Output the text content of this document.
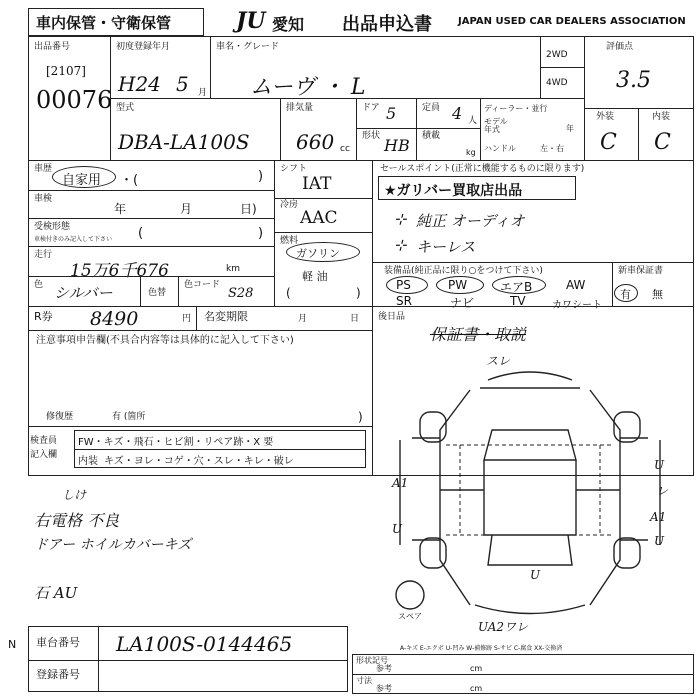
車内保管・守衛保管	JU 愛知 出品申込書	JAPAN USED CAR DEALERS ASSOCIATION
出品番号
[2107]
00076
初度登録年月
H24 5 月
車名・グレード
ムーヴ ・ L
2WD
4WD
評価点
3.5
外装	内装
C C
型式
DBA-LA100S
排気量
660 cc
ドア 5	定員 4 人
形状 HB 積載
kg
ディーラー・並行
モデル年式	年
ハンドル	左・右
車歴
自家用 ・(	)
車検
年	月	日)
受検形態
車検付きのみ記入して下さい (	)
走行
15万6千676	km
色 シルバー	色替
色コード
S28
シフト
IAT
冷房
AAC
燃料
ガソリン
軽 油
(	)
セールスポイント(正常に機能するものに限ります)
★ガリバー買取店出品
純正 オーディオ
キーレス
⊹
⊹
装備品(純正品に限り○をつけて下さい)	新車保証書
有 無
PS	PW	エアB	AW
SR	ナビ	TV	カワシート
R券 8490	円 名変期限	月	日 後日品
保証書・取説
注意事項申告欄(不具合内容等は具体的に記入して下さい)
修復歴	有 (箇所	)
検査員
記入欄
FW・キズ・飛石・ヒビ割・リペア跡・X 要
内装 キズ・ヨレ・コゲ・穴・スレ・キレ・破レ
しけ
右電格 不良
ドアー ホイルカバーキズ
石 AU
スレ
A1
U
U
レ
A1
U
U
UA2ワレ
スペア
A-キズ E-エクボ U-凹み W-補修跡 S-サビ C-腐食 XX-交換済
形状記号
参考	cm
寸法
参考	cm
車台番号 LA100S-0144465
登録番号
N
